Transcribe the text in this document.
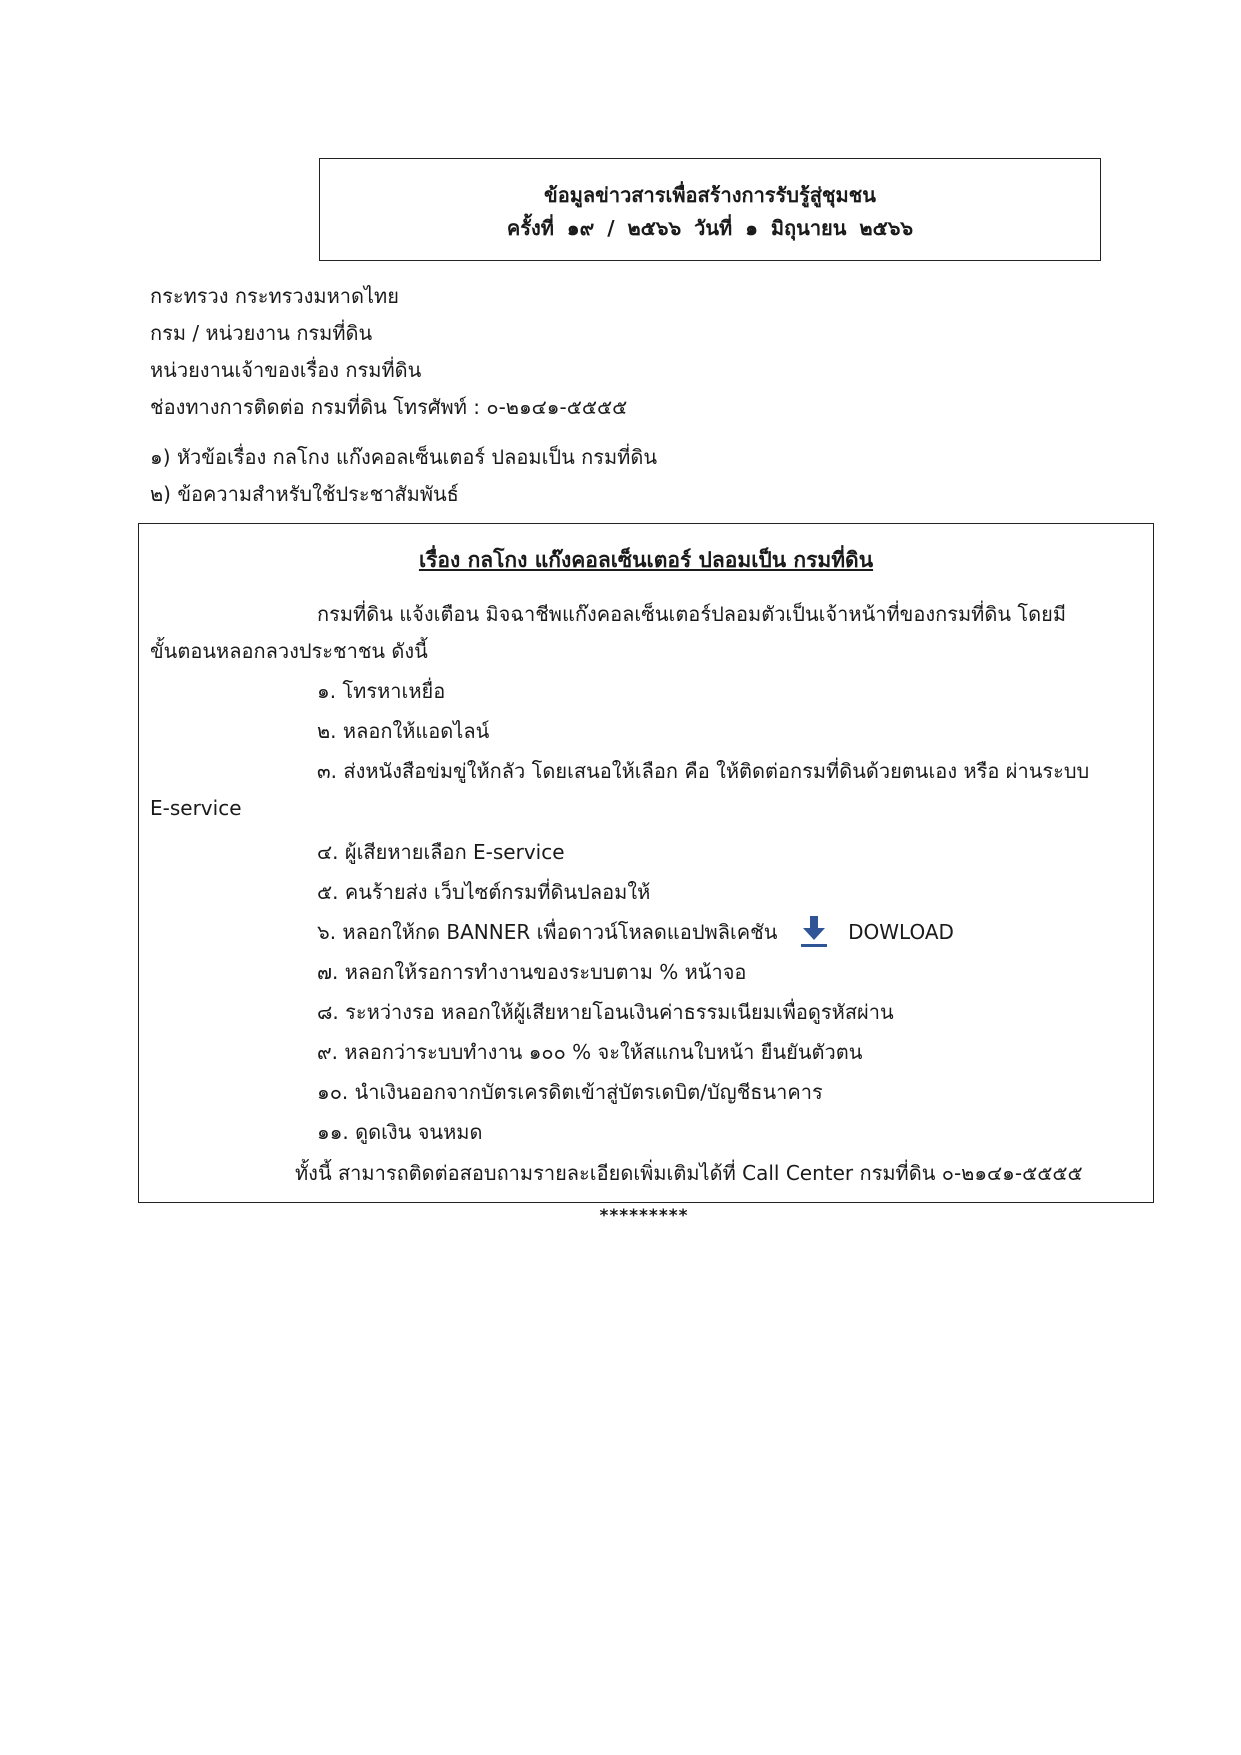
ข้อมูลข่าวสารเพื่อสร้างการรับรู้สู่ชุมชน
ครั้งที่ ๑๙ / ๒๕๖๖ วันที่ ๑ มิถุนายน ๒๕๖๖
กระทรวง กระทรวงมหาดไทย
กรม / หน่วยงาน กรมที่ดิน
หน่วยงานเจ้าของเรื่อง กรมที่ดิน
ช่องทางการติดต่อ กรมที่ดิน โทรศัพท์ : ๐-๒๑๔๑-๕๕๕๕
๑) หัวข้อเรื่อง กลโกง แก๊งคอลเซ็นเตอร์ ปลอมเป็น กรมที่ดิน
๒) ข้อความสำหรับใช้ประชาสัมพันธ์
เรื่อง กลโกง แก๊งคอลเซ็นเตอร์ ปลอมเป็น กรมที่ดิน
กรมที่ดิน แจ้งเตือน มิจฉาชีพแก๊งคอลเซ็นเตอร์ปลอมตัวเป็นเจ้าหน้าที่ของกรมที่ดิน โดยมี
ขั้นตอนหลอกลวงประชาชน ดังนี้
๑. โทรหาเหยื่อ
๒. หลอกให้แอดไลน์
๓. ส่งหนังสือข่มขู่ให้กลัว โดยเสนอให้เลือก คือ ให้ติดต่อกรมที่ดินด้วยตนเอง หรือ ผ่านระบบ
E-service
๔. ผู้เสียหายเลือก E-service
๕. คนร้ายส่ง เว็บไซต์กรมที่ดินปลอมให้
๖. หลอกให้กด BANNER เพื่อดาวน์โหลดแอปพลิเคชัน	DOWLOAD
๗. หลอกให้รอการทำงานของระบบตาม % หน้าจอ
๘. ระหว่างรอ หลอกให้ผู้เสียหายโอนเงินค่าธรรมเนียมเพื่อดูรหัสผ่าน
๙. หลอกว่าระบบทำงาน ๑๐๐ % จะให้สแกนใบหน้า ยืนยันตัวตน
๑๐. นำเงินออกจากบัตรเครดิตเข้าสู่บัตรเดบิต/บัญชีธนาคาร
๑๑. ดูดเงิน จนหมด
ทั้งนี้ สามารถติดต่อสอบถามรายละเอียดเพิ่มเติมได้ที่ Call Center กรมที่ดิน ๐-๒๑๔๑-๕๕๕๕
*********
